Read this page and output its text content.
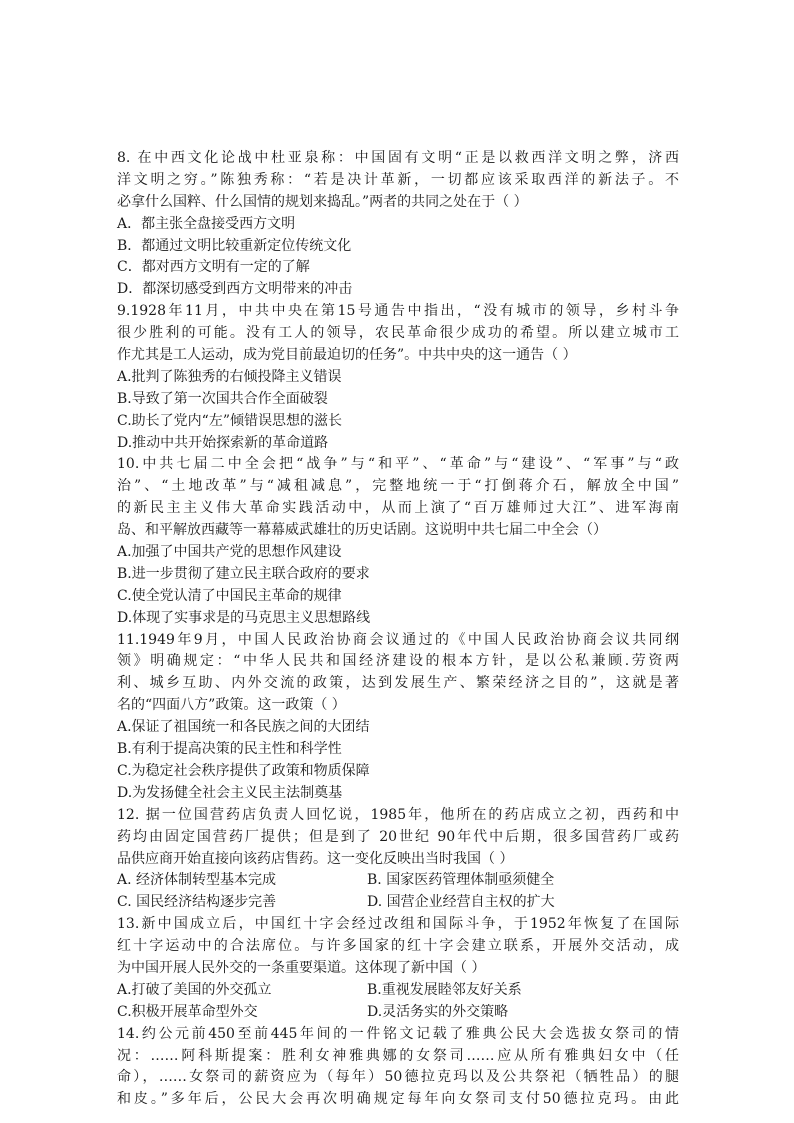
8. 在中西文化论战中杜亚泉称：中国固有文明“正是以救西洋文明之弊，济西
洋文明之穷。”陈独秀称：“若是决计革新，一切都应该采取西洋的新法子。不
必拿什么国粹、什么国情的规划来捣乱。”两者的共同之处在于（ ）
A．都主张全盘接受西方文明
B．都通过文明比较重新定位传统文化
C．都对西方文明有一定的了解
D．都深切感受到西方文明带来的冲击
9.1928年11月，中共中央在第15号通告中指出，“没有城市的领导，乡村斗争
很少胜利的可能。没有工人的领导，农民革命很少成功的希望。所以建立城市工
作尤其是工人运动，成为党目前最迫切的任务”。中共中央的这一通告（ ）
A.批判了陈独秀的右倾投降主义错误
B.导致了第一次国共合作全面破裂
C.助长了党内“左”倾错误思想的滋长
D.推动中共开始探索新的革命道路
10.中共七届二中全会把“战争”与“和平”、“革命”与“建设”、“军事”与“政
治”、“土地改革”与“减租减息”，完整地统一于“打倒蒋介石，解放全中国”
的新民主主义伟大革命实践活动中，从而上演了“百万雄师过大江”、进军海南
岛、和平解放西藏等一幕幕威武雄壮的历史话剧。这说明中共七届二中全会（）
A.加强了中国共产党的思想作风建设
B.进一步贯彻了建立民主联合政府的要求
C.使全党认清了中国民主革命的规律
D.体现了实事求是的马克思主义思想路线
11.1949年9月，中国人民政治协商会议通过的《中国人民政治协商会议共同纲
领》明确规定：“中华人民共和国经济建设的根本方针，是以公私兼顾.劳资两
利、城乡互助、内外交流的政策，达到发展生产、繁荣经济之目的”，这就是著
名的“四面八方”政策。这一政策（ ）
A.保证了祖国统一和各民族之间的大团结
B.有利于提高决策的民主性和科学性
C.为稳定社会秩序提供了政策和物质保障
D.为发扬健全社会主义民主法制奠基
12. 据一位国营药店负责人回忆说，1985年，他所在的药店成立之初，西药和中
药均由固定国营药厂提供；但是到了 20世纪 90年代中后期，很多国营药厂或药
品供应商开始直接向该药店售药。这一变化反映出当时我国（ ）
A. 经济体制转型基本完成	B. 国家医药管理体制亟须健全
C. 国民经济结构逐步完善	D. 国营企业经营自主权的扩大
13.新中国成立后，中国红十字会经过改组和国际斗争，于1952年恢复了在国际
红十字运动中的合法席位。与许多国家的红十字会建立联系，开展外交活动，成
为中国开展人民外交的一条重要渠道。这体现了新中国（ ）
A.打破了美国的外交孤立	B.重视发展睦邻友好关系
C.积极开展革命型外交	D.灵活务实的外交策略
14.约公元前450至前445年间的一件铭文记载了雅典公民大会选拔女祭司的情
况：……阿科斯提案：胜利女神雅典娜的女祭司……应从所有雅典妇女中（任
命），……女祭司的薪资应为（每年）50德拉克玛以及公共祭祀（牺牲品）的腿
和皮。”多年后，公民大会再次明确规定每年向女祭司支付50德拉克玛。由此
